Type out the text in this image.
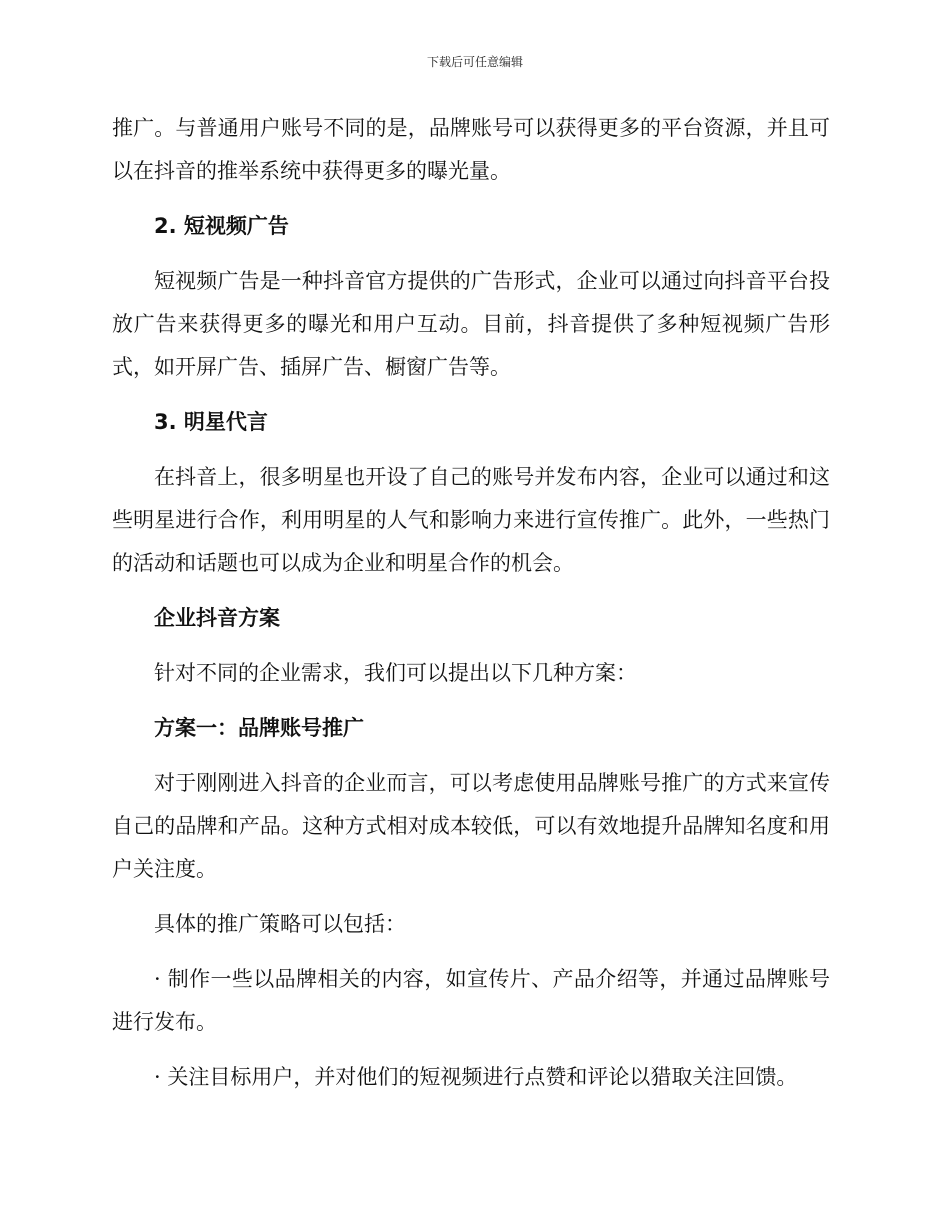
下载后可任意编辑

推广。与普通用户账号不同的是，品牌账号可以获得更多的平台资源，并且可以在抖音的推举系统中获得更多的曝光量。

2. 短视频广告

短视频广告是一种抖音官方提供的广告形式，企业可以通过向抖音平台投放广告来获得更多的曝光和用户互动。目前，抖音提供了多种短视频广告形式，如开屏广告、插屏广告、橱窗广告等。

3. 明星代言

在抖音上，很多明星也开设了自己的账号并发布内容，企业可以通过和这些明星进行合作，利用明星的人气和影响力来进行宣传推广。此外，一些热门的活动和话题也可以成为企业和明星合作的机会。

企业抖音方案

针对不同的企业需求，我们可以提出以下几种方案：

方案一：品牌账号推广

对于刚刚进入抖音的企业而言，可以考虑使用品牌账号推广的方式来宣传自己的品牌和产品。这种方式相对成本较低，可以有效地提升品牌知名度和用户关注度。

具体的推广策略可以包括：

· 制作一些以品牌相关的内容，如宣传片、产品介绍等，并通过品牌账号进行发布。

· 关注目标用户，并对他们的短视频进行点赞和评论以猎取关注回馈。
